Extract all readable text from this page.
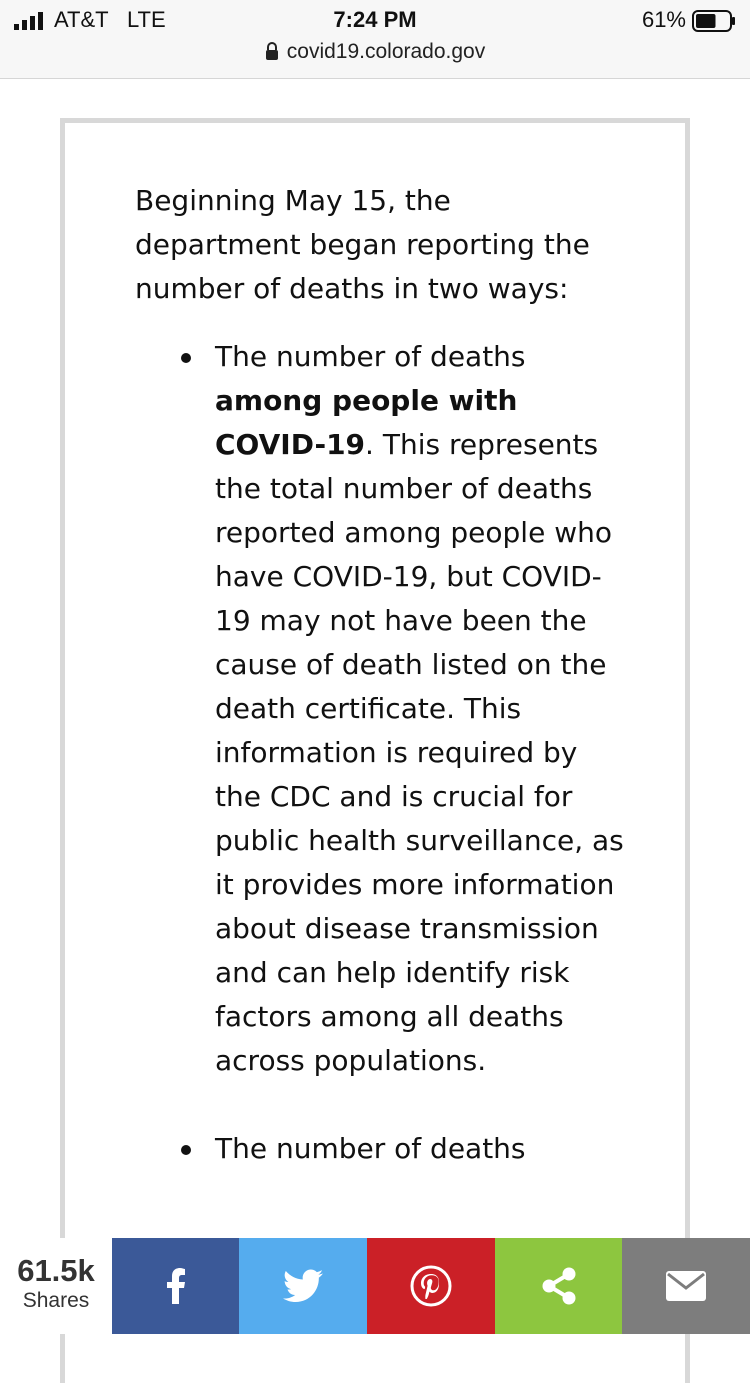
AT&T LTE	7:24 PM	61%
covid19.colorado.gov

Beginning May 15, the department began reporting the number of deaths in two ways:

The number of deaths among people with COVID-19. This represents the total number of deaths reported among people who have COVID-19, but COVID-19 may not have been the cause of death listed on the death certificate. This information is required by the CDC and is crucial for public health surveillance, as it provides more information about disease transmission and can help identify risk factors among all deaths across populations.
The number of deaths
61.5k
Shares
